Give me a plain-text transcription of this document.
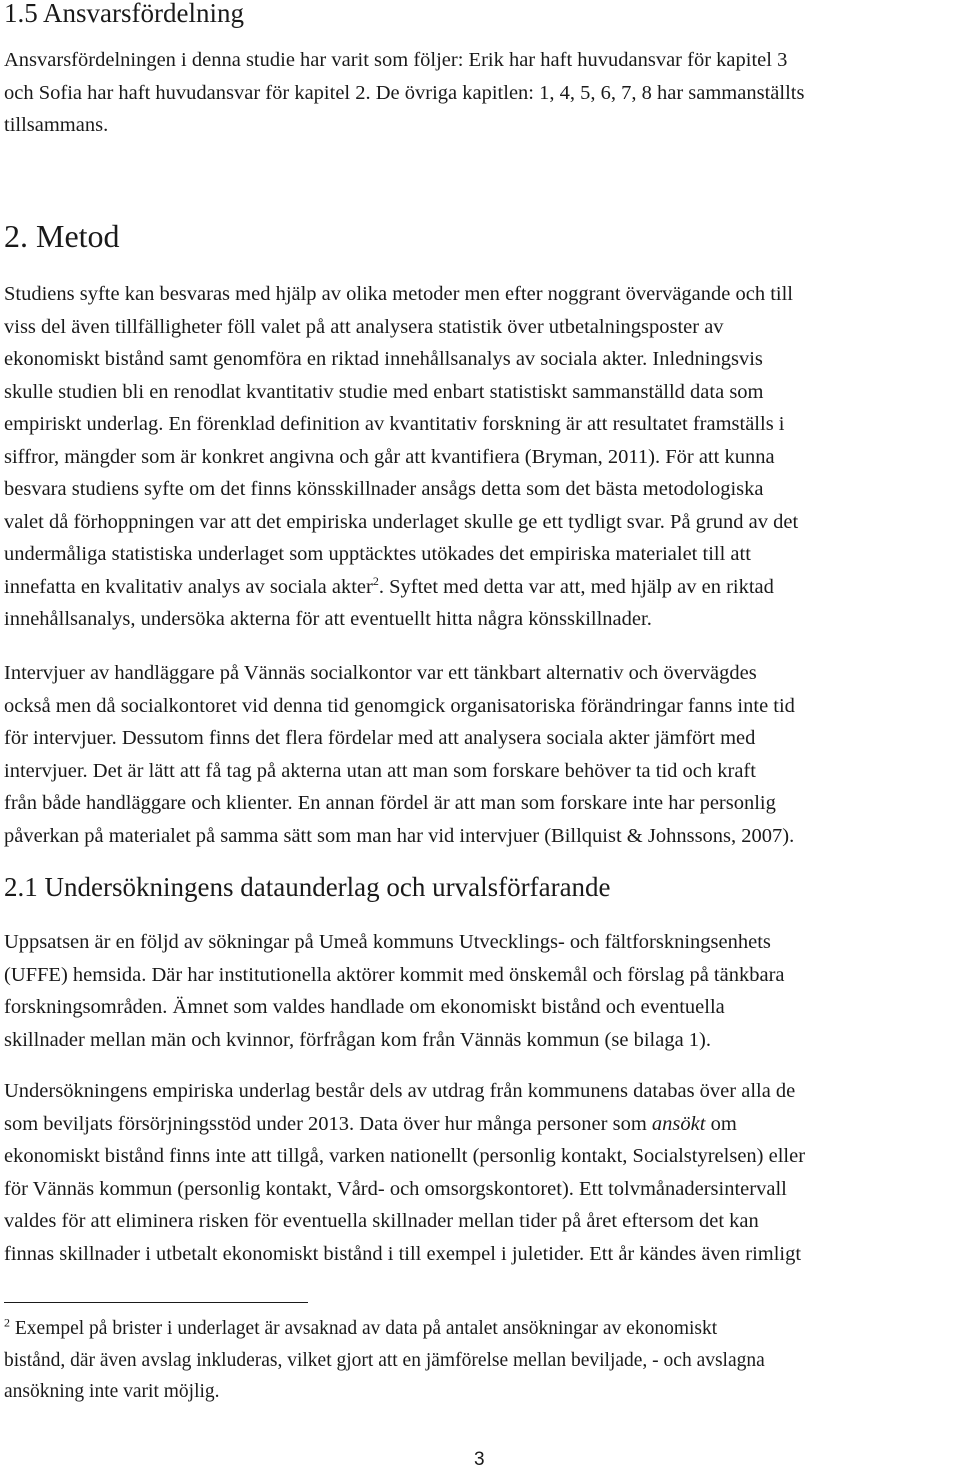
1.5 Ansvarsfördelning
Ansvarsfördelningen i denna studie har varit som följer: Erik har haft huvudansvar för kapitel 3
och Sofia har haft huvudansvar för kapitel 2. De övriga kapitlen: 1, 4, 5, 6, 7, 8 har sammanställts
tillsammans.
2. Metod
Studiens syfte kan besvaras med hjälp av olika metoder men efter noggrant övervägande och till
viss del även tillfälligheter föll valet på att analysera statistik över utbetalningsposter av
ekonomiskt bistånd samt genomföra en riktad innehållsanalys av sociala akter. Inledningsvis
skulle studien bli en renodlat kvantitativ studie med enbart statistiskt sammanställd data som
empiriskt underlag. En förenklad definition av kvantitativ forskning är att resultatet framställs i
siffror, mängder som är konkret angivna och går att kvantifiera (Bryman, 2011). För att kunna
besvara studiens syfte om det finns könsskillnader ansågs detta som det bästa metodologiska
valet då förhoppningen var att det empiriska underlaget skulle ge ett tydligt svar. På grund av det
undermåliga statistiska underlaget som upptäcktes utökades det empiriska materialet till att
innefatta en kvalitativ analys av sociala akter$^2$. Syftet med detta var att, med hjälp av en riktad
innehållsanalys, undersöka akterna för att eventuellt hitta några könsskillnader.
Intervjuer av handläggare på Vännäs socialkontor var ett tänkbart alternativ och övervägdes
också men då socialkontoret vid denna tid genomgick organisatoriska förändringar fanns inte tid
för intervjuer. Dessutom finns det flera fördelar med att analysera sociala akter jämfört med
intervjuer. Det är lätt att få tag på akterna utan att man som forskare behöver ta tid och kraft
från både handläggare och klienter. En annan fördel är att man som forskare inte har personlig
påverkan på materialet på samma sätt som man har vid intervjuer (Billquist & Johnssons, 2007).
2.1 Undersökningens dataunderlag och urvalsförfarande
Uppsatsen är en följd av sökningar på Umeå kommuns Utvecklings- och fältforskningsenhets
(UFFE) hemsida. Där har institutionella aktörer kommit med önskemål och förslag på tänkbara
forskningsområden. Ämnet som valdes handlade om ekonomiskt bistånd och eventuella
skillnader mellan män och kvinnor, förfrågan kom från Vännäs kommun (se bilaga 1).
Undersökningens empiriska underlag består dels av utdrag från kommunens databas över alla de
som beviljats försörjningsstöd under 2013. Data över hur många personer som ansökt om
ekonomiskt bistånd finns inte att tillgå, varken nationellt (personlig kontakt, Socialstyrelsen) eller
för Vännäs kommun (personlig kontakt, Vård- och omsorgskontoret). Ett tolvmånadersintervall
valdes för att eliminera risken för eventuella skillnader mellan tider på året eftersom det kan
finnas skillnader i utbetalt ekonomiskt bistånd i till exempel i juletider. Ett år kändes även rimligt
$^2$ Exempel på brister i underlaget är avsaknad av data på antalet ansökningar av ekonomiskt
bistånd, där även avslag inkluderas, vilket gjort att en jämförelse mellan beviljade, - och avslagna
ansökning inte varit möjlig.
3
